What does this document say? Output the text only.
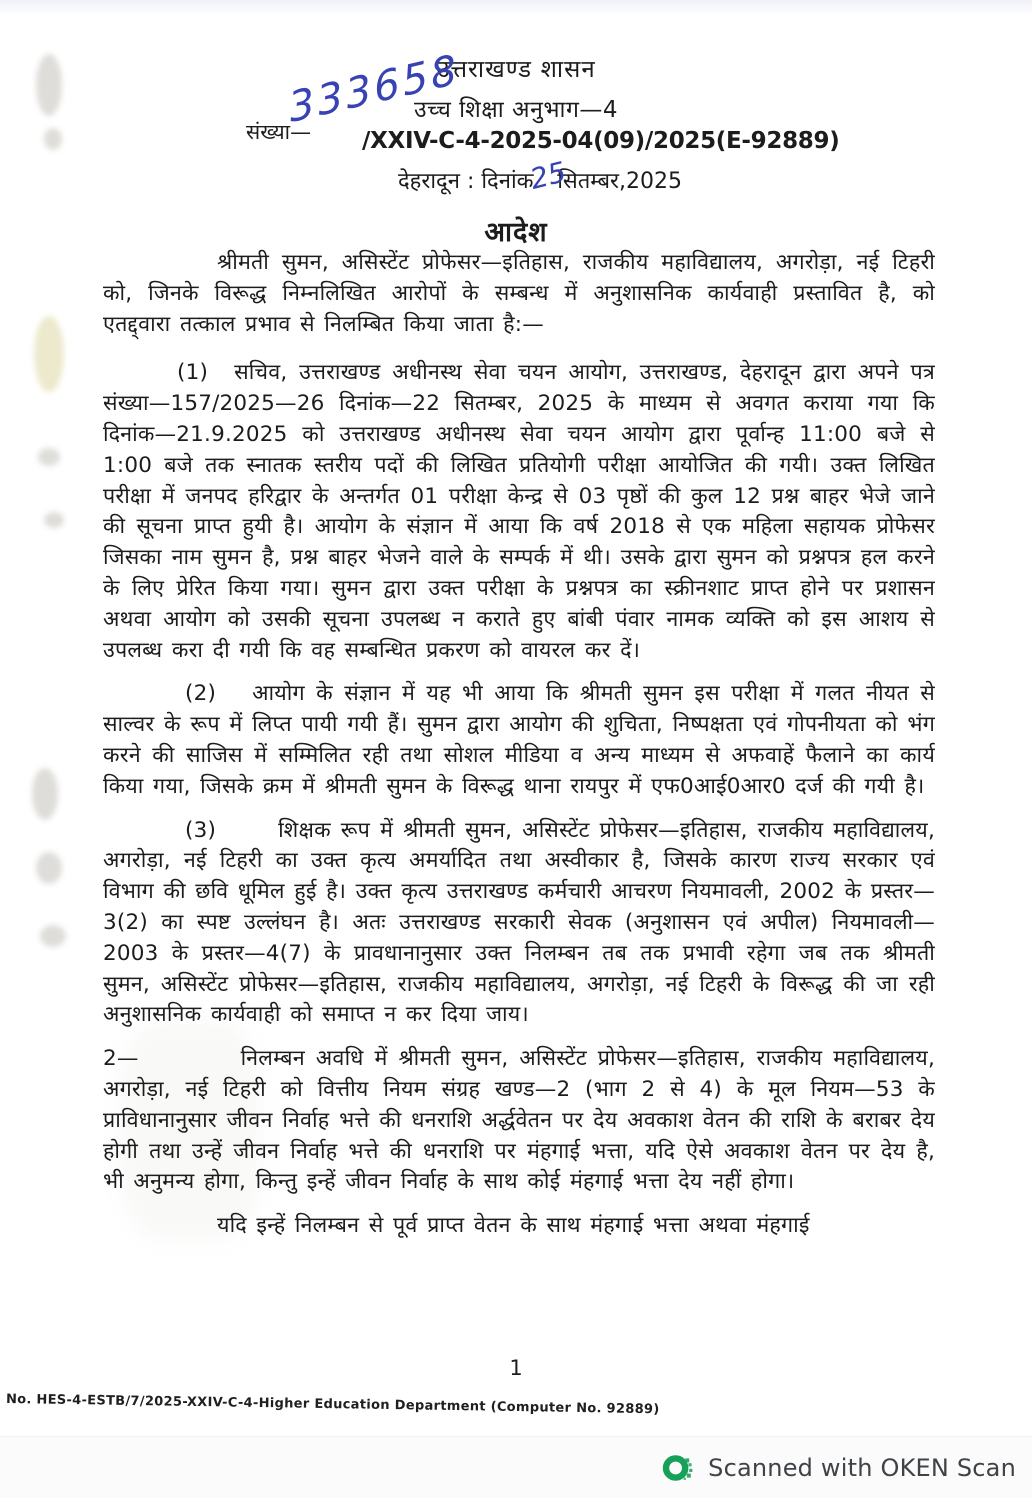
उत्तराखण्ड शासन
उच्च शिक्षा अनुभाग—4
संख्या—
333658
/XXIV-C-4-2025-04(09)/2025(E-92889)
देहरादून : दिनांक25सितम्बर,2025
आदेश

श्रीमती सुमन, असिस्टेंट प्रोफेसर—इतिहास, राजकीय महाविद्यालय, अगरोड़ा, नई टिहरी को, जिनके विरूद्ध निम्नलिखित आरोपों के सम्बन्ध में अनुशासनिक कार्यवाही प्रस्तावित है, को एतद्द्वारा तत्काल प्रभाव से निलम्बित किया जाता है:—

(1) सचिव, उत्तराखण्ड अधीनस्थ सेवा चयन आयोग, उत्तराखण्ड, देहरादून द्वारा अपने पत्र संख्या—157/2025—26 दिनांक—22 सितम्बर, 2025 के माध्यम से अवगत कराया गया कि दिनांक—21.9.2025 को उत्तराखण्ड अधीनस्थ सेवा चयन आयोग द्वारा पूर्वान्ह 11:00 बजे से 1:00 बजे तक स्नातक स्तरीय पदों की लिखित प्रतियोगी परीक्षा आयोजित की गयी। उक्त लिखित परीक्षा में जनपद हरिद्वार के अन्तर्गत 01 परीक्षा केन्द्र से 03 पृष्ठों की कुल 12 प्रश्न बाहर भेजे जाने की सूचना प्राप्त हुयी है। आयोग के संज्ञान में आया कि वर्ष 2018 से एक महिला सहायक प्रोफेसर जिसका नाम सुमन है, प्रश्न बाहर भेजने वाले के सम्पर्क में थी। उसके द्वारा सुमन को प्रश्नपत्र हल करने के लिए प्रेरित किया गया। सुमन द्वारा उक्त परीक्षा के प्रश्नपत्र का स्क्रीनशाट प्राप्त होने पर प्रशासन अथवा आयोग को उसकी सूचना उपलब्ध न कराते हुए बांबी पंवार नामक व्यक्ति को इस आशय से उपलब्ध करा दी गयी कि वह सम्बन्धित प्रकरण को वायरल कर दें।

(2) आयोग के संज्ञान में यह भी आया कि श्रीमती सुमन इस परीक्षा में गलत नीयत से साल्वर के रूप में लिप्त पायी गयी हैं। सुमन द्वारा आयोग की शुचिता, निष्पक्षता एवं गोपनीयता को भंग करने की साजिस में सम्मिलित रही तथा सोशल मीडिया व अन्य माध्यम से अफवाहें फैलाने का कार्य किया गया, जिसके क्रम में श्रीमती सुमन के विरूद्ध थाना रायपुर में एफ0आई0आर0 दर्ज की गयी है।

(3)	शिक्षक रूप में श्रीमती सुमन, असिस्टेंट प्रोफेसर—इतिहास, राजकीय महाविद्यालय, अगरोड़ा, नई टिहरी का उक्त कृत्य अमर्यादित तथा अस्वीकार है, जिसके कारण राज्य सरकार एवं विभाग की छवि धूमिल हुई है। उक्त कृत्य उत्तराखण्ड कर्मचारी आचरण नियमावली, 2002 के प्रस्तर—3(2) का स्पष्ट उल्लंघन है। अतः उत्तराखण्ड सरकारी सेवक (अनुशासन एवं अपील) नियमावली—2003 के प्रस्तर—4(7) के प्रावधानानुसार उक्त निलम्बन तब तक प्रभावी रहेगा जब तक श्रीमती सुमन, असिस्टेंट प्रोफेसर—इतिहास, राजकीय महाविद्यालय, अगरोड़ा, नई टिहरी के विरूद्ध की जा रही अनुशासनिक कार्यवाही को समाप्त न कर दिया जाय।

2—	निलम्बन अवधि में श्रीमती सुमन, असिस्टेंट प्रोफेसर—इतिहास, राजकीय महाविद्यालय, अगरोड़ा, नई टिहरी को वित्तीय नियम संग्रह खण्ड—2 (भाग 2 से 4) के मूल नियम—53 के प्राविधानानुसार जीवन निर्वाह भत्ते की धनराशि अर्द्धवेतन पर देय अवकाश वेतन की राशि के बराबर देय होगी तथा उन्हें जीवन निर्वाह भत्ते की धनराशि पर मंहगाई भत्ता, यदि ऐसे अवकाश वेतन पर देय है, भी अनुमन्य होगा, किन्तु इन्हें जीवन निर्वाह के साथ कोई मंहगाई भत्ता देय नहीं होगा।

यदि इन्हें निलम्बन से पूर्व प्राप्त वेतन के साथ मंहगाई भत्ता अथवा मंहगाई

1
No. HES-4-ESTB/7/2025-XXIV-C-4-Higher Education Department (Computer No. 92889)
Scanned with OKEN Scan
